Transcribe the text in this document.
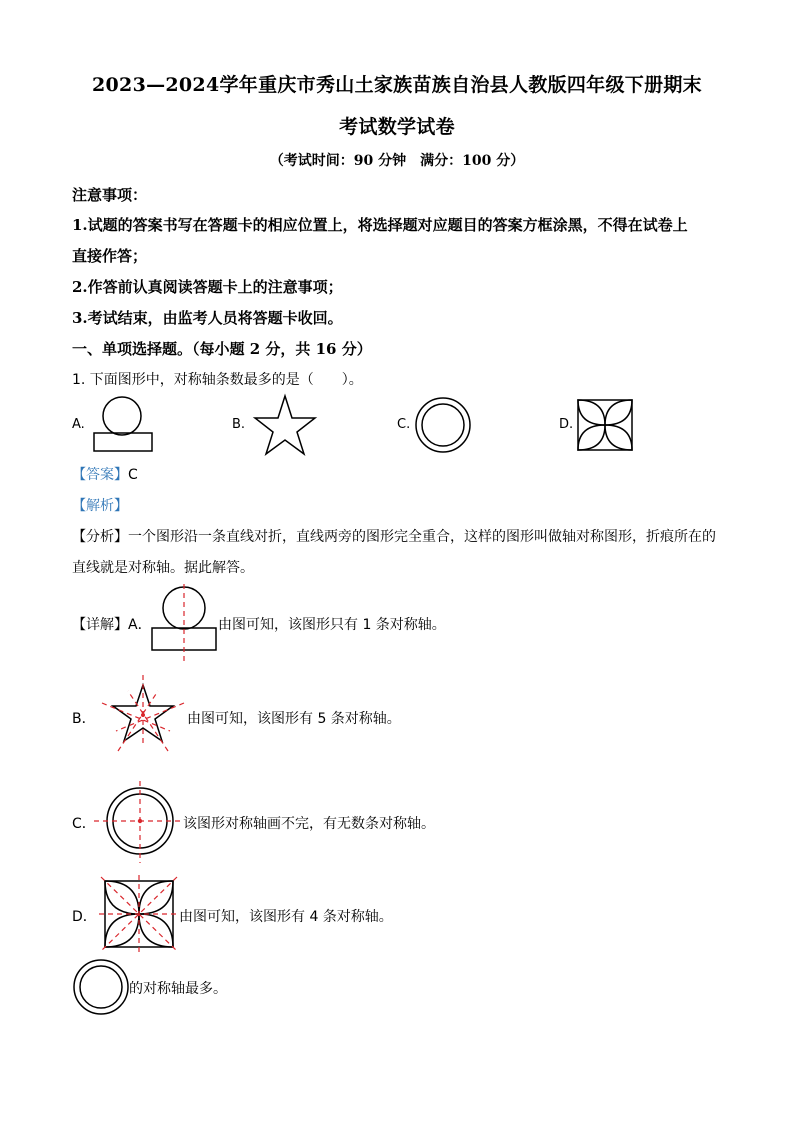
2023—2024学年重庆市秀山土家族苗族自治县人教版四年级下册期末
考试数学试卷
（考试时间：90 分钟　满分：100 分）
注意事项：
1.试题的答案书写在答题卡的相应位置上，将选择题对应题目的答案方框涂黑，不得在试卷上
直接作答；
2.作答前认真阅读答题卡上的注意事项；
3.考试结束，由监考人员将答题卡收回。
一、单项选择题。（每小题 2 分，共 16 分）
1. 下面图形中，对称轴条数最多的是（　　）。
A.	B.	C.	D.
【答案】C
【解析】
【分析】一个图形沿一条直线对折，直线两旁的图形完全重合，这样的图形叫做轴对称图形，折痕所在的
直线就是对称轴。据此解答。
【详解】A．	由图可知，该图形只有 1 条对称轴。
B．	由图可知，该图形有 5 条对称轴。
C．	该图形对称轴画不完，有无数条对称轴。
D．	由图可知，该图形有 4 条对称轴。
的对称轴最多。
